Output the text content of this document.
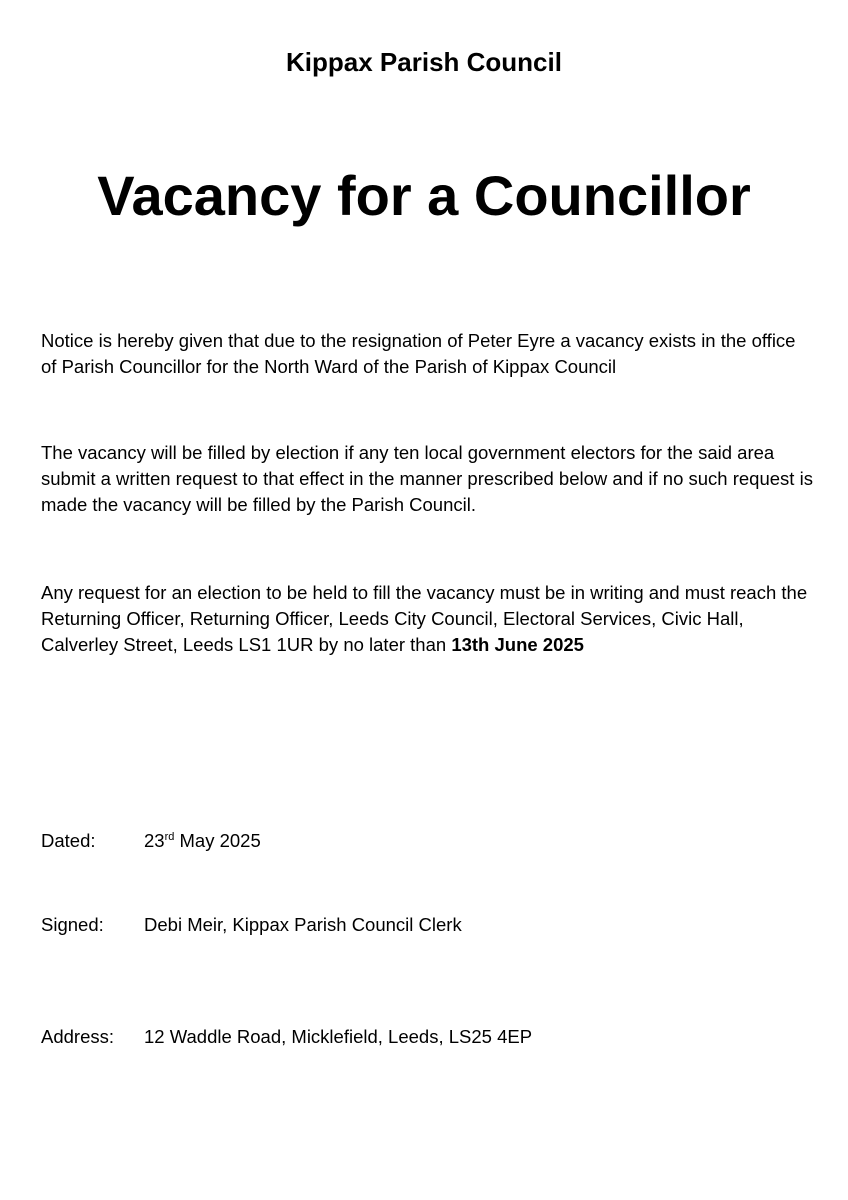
Kippax Parish Council
Vacancy for a Councillor

Notice is hereby given that due to the resignation of Peter Eyre a vacancy exists in the office of Parish Councillor for the North Ward of the Parish of Kippax Council

The vacancy will be filled by election if any ten local government electors for the said area submit a written request to that effect in the manner prescribed below and if no such request is made the vacancy will be filled by the Parish Council.

Any request for an election to be held to fill the vacancy must be in writing and must reach the Returning Officer, Returning Officer, Leeds City Council, Electoral Services, Civic Hall, Calverley Street, Leeds LS1 1UR by no later than 13th June 2025

Dated:	23rd May 2025
Signed: Debi Meir, Kippax Parish Council Clerk
Address: 12 Waddle Road, Micklefield, Leeds, LS25 4EP
